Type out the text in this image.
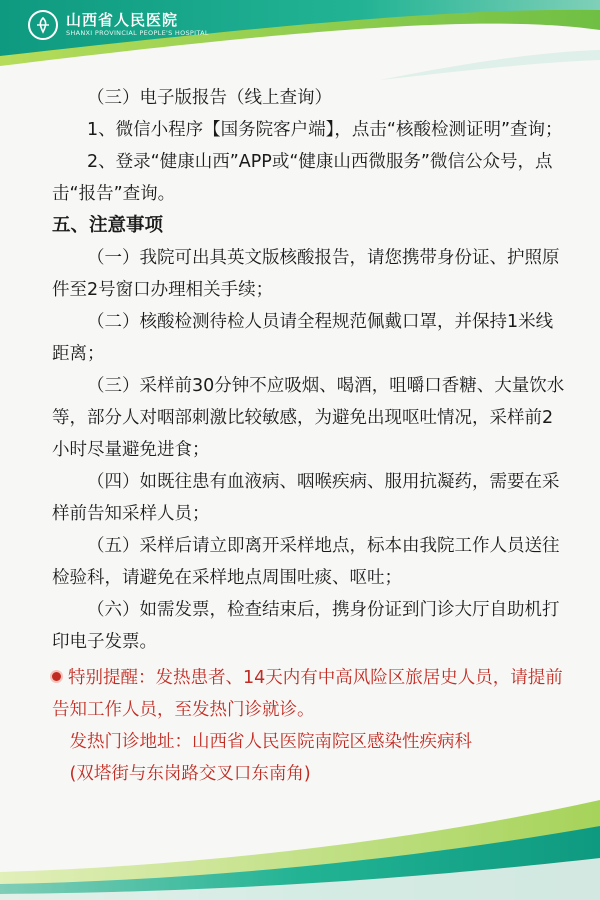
山西省人民医院
SHANXI PROVINCIAL PEOPLE'S HOSPITAL

（三）电子版报告（线上查询）

1、微信小程序【国务院客户端】，点击“核酸检测证明”查询；

2、登录“健康山西”APP或“健康山西微服务”微信公众号，点击“报告”查询。

五、注意事项

（一）我院可出具英文版核酸报告，请您携带身份证、护照原件至2号窗口办理相关手续；

（二）核酸检测待检人员请全程规范佩戴口罩，并保持1米线距离；

（三）采样前30分钟不应吸烟、喝酒，咀嚼口香糖、大量饮水等，部分人对咽部刺激比较敏感，为避免出现呕吐情况，采样前2小时尽量避免进食；

（四）如既往患有血液病、咽喉疾病、服用抗凝药，需要在采样前告知采样人员；

（五）采样后请立即离开采样地点，标本由我院工作人员送往检验科，请避免在采样地点周围吐痰、呕吐；

（六）如需发票，检查结束后，携身份证到门诊大厅自助机打印电子发票。

特别提醒：发热患者、14天内有中高风险区旅居史人员，请提前告知工作人员，至发热门诊就诊。

发热门诊地址：山西省人民医院南院区感染性疾病科

(双塔街与东岗路交叉口东南角)
